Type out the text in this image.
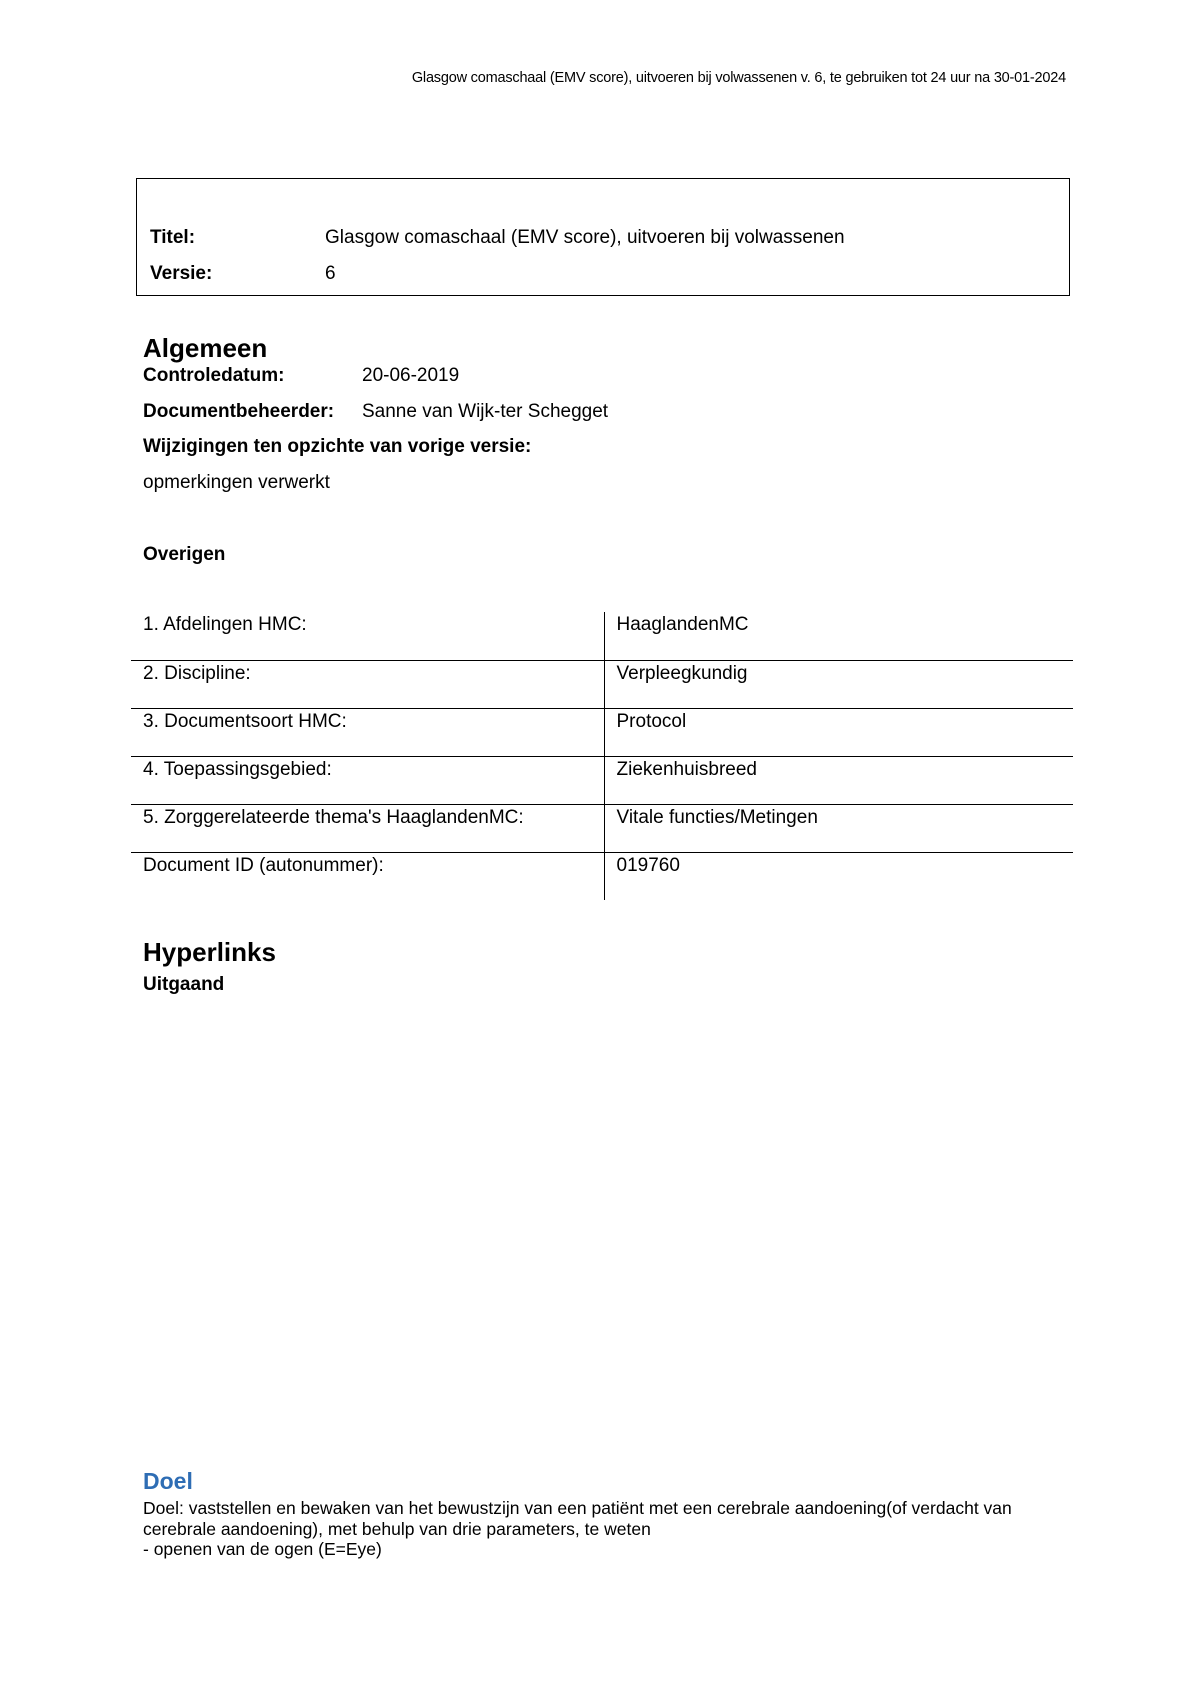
Glasgow comaschaal (EMV score), uitvoeren bij volwassenen v. 6, te gebruiken tot 24 uur na 30-01-2024
Titel:	Glasgow comaschaal (EMV score), uitvoeren bij volwassenen
Versie:	6
Algemeen
Controledatum:	20-06-2019
Documentbeheerder: Sanne van Wijk-ter Schegget
Wijzigingen ten opzichte van vorige versie:
opmerkingen verwerkt
Overigen
1. Afdelingen HMC:	HaaglandenMC
2. Discipline:	Verpleegkundig
3. Documentsoort HMC:	Protocol
4. Toepassingsgebied:	Ziekenhuisbreed
5. Zorggerelateerde thema's HaaglandenMC:	Vitale functies/Metingen
Document ID (autonummer):	019760
Hyperlinks
Uitgaand
Doel
Doel: vaststellen en bewaken van het bewustzijn van een patiënt met een cerebrale aandoening(of verdacht van
cerebrale aandoening), met behulp van drie parameters, te weten
- openen van de ogen (E=Eye)
